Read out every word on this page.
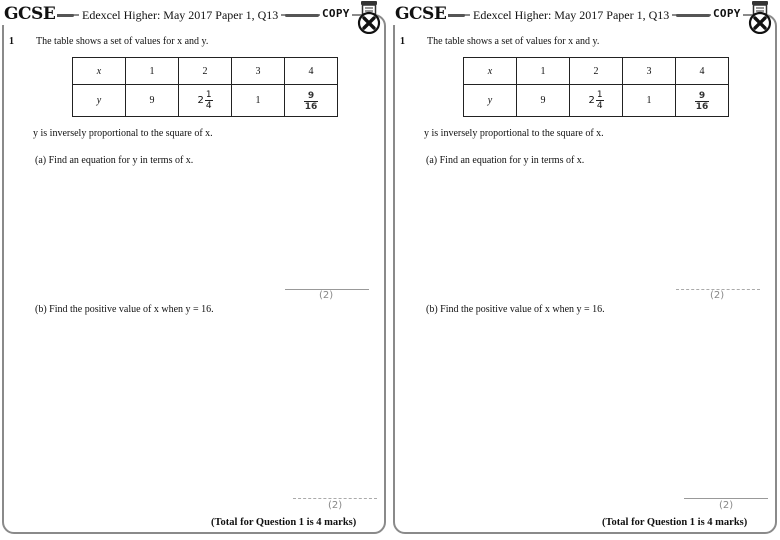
GCSE Edexcel Higher: May 2017 Paper 1, Q13	COPY
1 The table shows a set of values for x and y.
x	1	2	3	4
y	9	$2 \frac{1}{4}$	1	$\frac{9}{16}$
y is inversely proportional to the square of x.
(a) Find an equation for y in terms of x.
(2)
(b) Find the positive value of x when y = 16.
(2)
(Total for Question 1 is 4 marks)
GCSE Edexcel Higher: May 2017 Paper 1, Q13	COPY
1 The table shows a set of values for x and y.
x	1	2	3	4
y	9	$2 \frac{1}{4}$	1	$\frac{9}{16}$
y is inversely proportional to the square of x.
(a) Find an equation for y in terms of x.
(2)
(b) Find the positive value of x when y = 16.
(2)
(Total for Question 1 is 4 marks)
